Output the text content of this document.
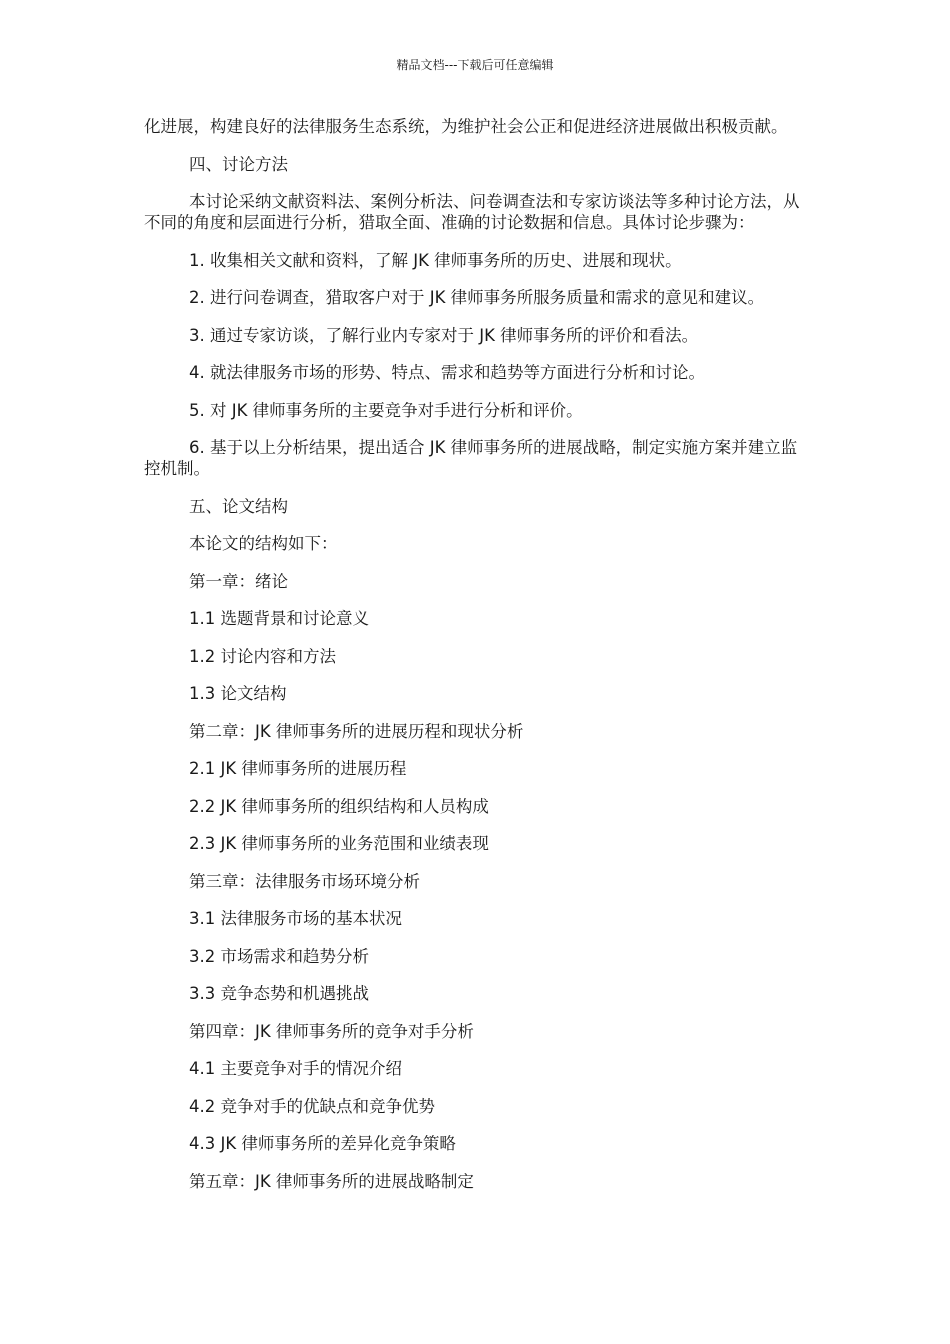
精品文档---下载后可任意编辑

化进展，构建良好的法律服务生态系统，为维护社会公正和促进经济进展做出积极贡献。

四、讨论方法

本讨论采纳文献资料法、案例分析法、问卷调查法和专家访谈法等多种讨论方法，从不同的角度和层面进行分析，猎取全面、准确的讨论数据和信息。具体讨论步骤为：

1. 收集相关文献和资料，了解 JK 律师事务所的历史、进展和现状。

2. 进行问卷调查，猎取客户对于 JK 律师事务所服务质量和需求的意见和建议。

3. 通过专家访谈，了解行业内专家对于 JK 律师事务所的评价和看法。

4. 就法律服务市场的形势、特点、需求和趋势等方面进行分析和讨论。

5. 对 JK 律师事务所的主要竞争对手进行分析和评价。

6. 基于以上分析结果，提出适合 JK 律师事务所的进展战略，制定实施方案并建立监控机制。

五、论文结构

本论文的结构如下：

第一章：绪论

1.1 选题背景和讨论意义

1.2 讨论内容和方法

1.3 论文结构

第二章：JK 律师事务所的进展历程和现状分析

2.1 JK 律师事务所的进展历程

2.2 JK 律师事务所的组织结构和人员构成

2.3 JK 律师事务所的业务范围和业绩表现

第三章：法律服务市场环境分析

3.1 法律服务市场的基本状况

3.2 市场需求和趋势分析

3.3 竞争态势和机遇挑战

第四章：JK 律师事务所的竞争对手分析

4.1 主要竞争对手的情况介绍

4.2 竞争对手的优缺点和竞争优势

4.3 JK 律师事务所的差异化竞争策略

第五章：JK 律师事务所的进展战略制定
